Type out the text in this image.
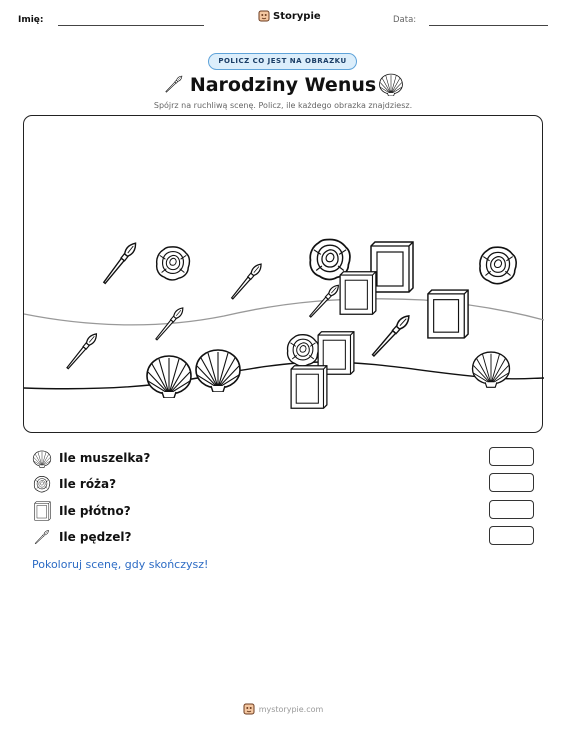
Imię:	Storypie	Data:
POLICZ CO JEST NA OBRAZKU
Narodziny Wenus
Spójrz na ruchliwą scenę. Policz, ile każdego obrazka znajdziesz.
Ile muszelka?
Ile róża?
Ile płótno?
Ile pędzel?
Pokoloruj scenę, gdy skończysz!
mystorypie.com
